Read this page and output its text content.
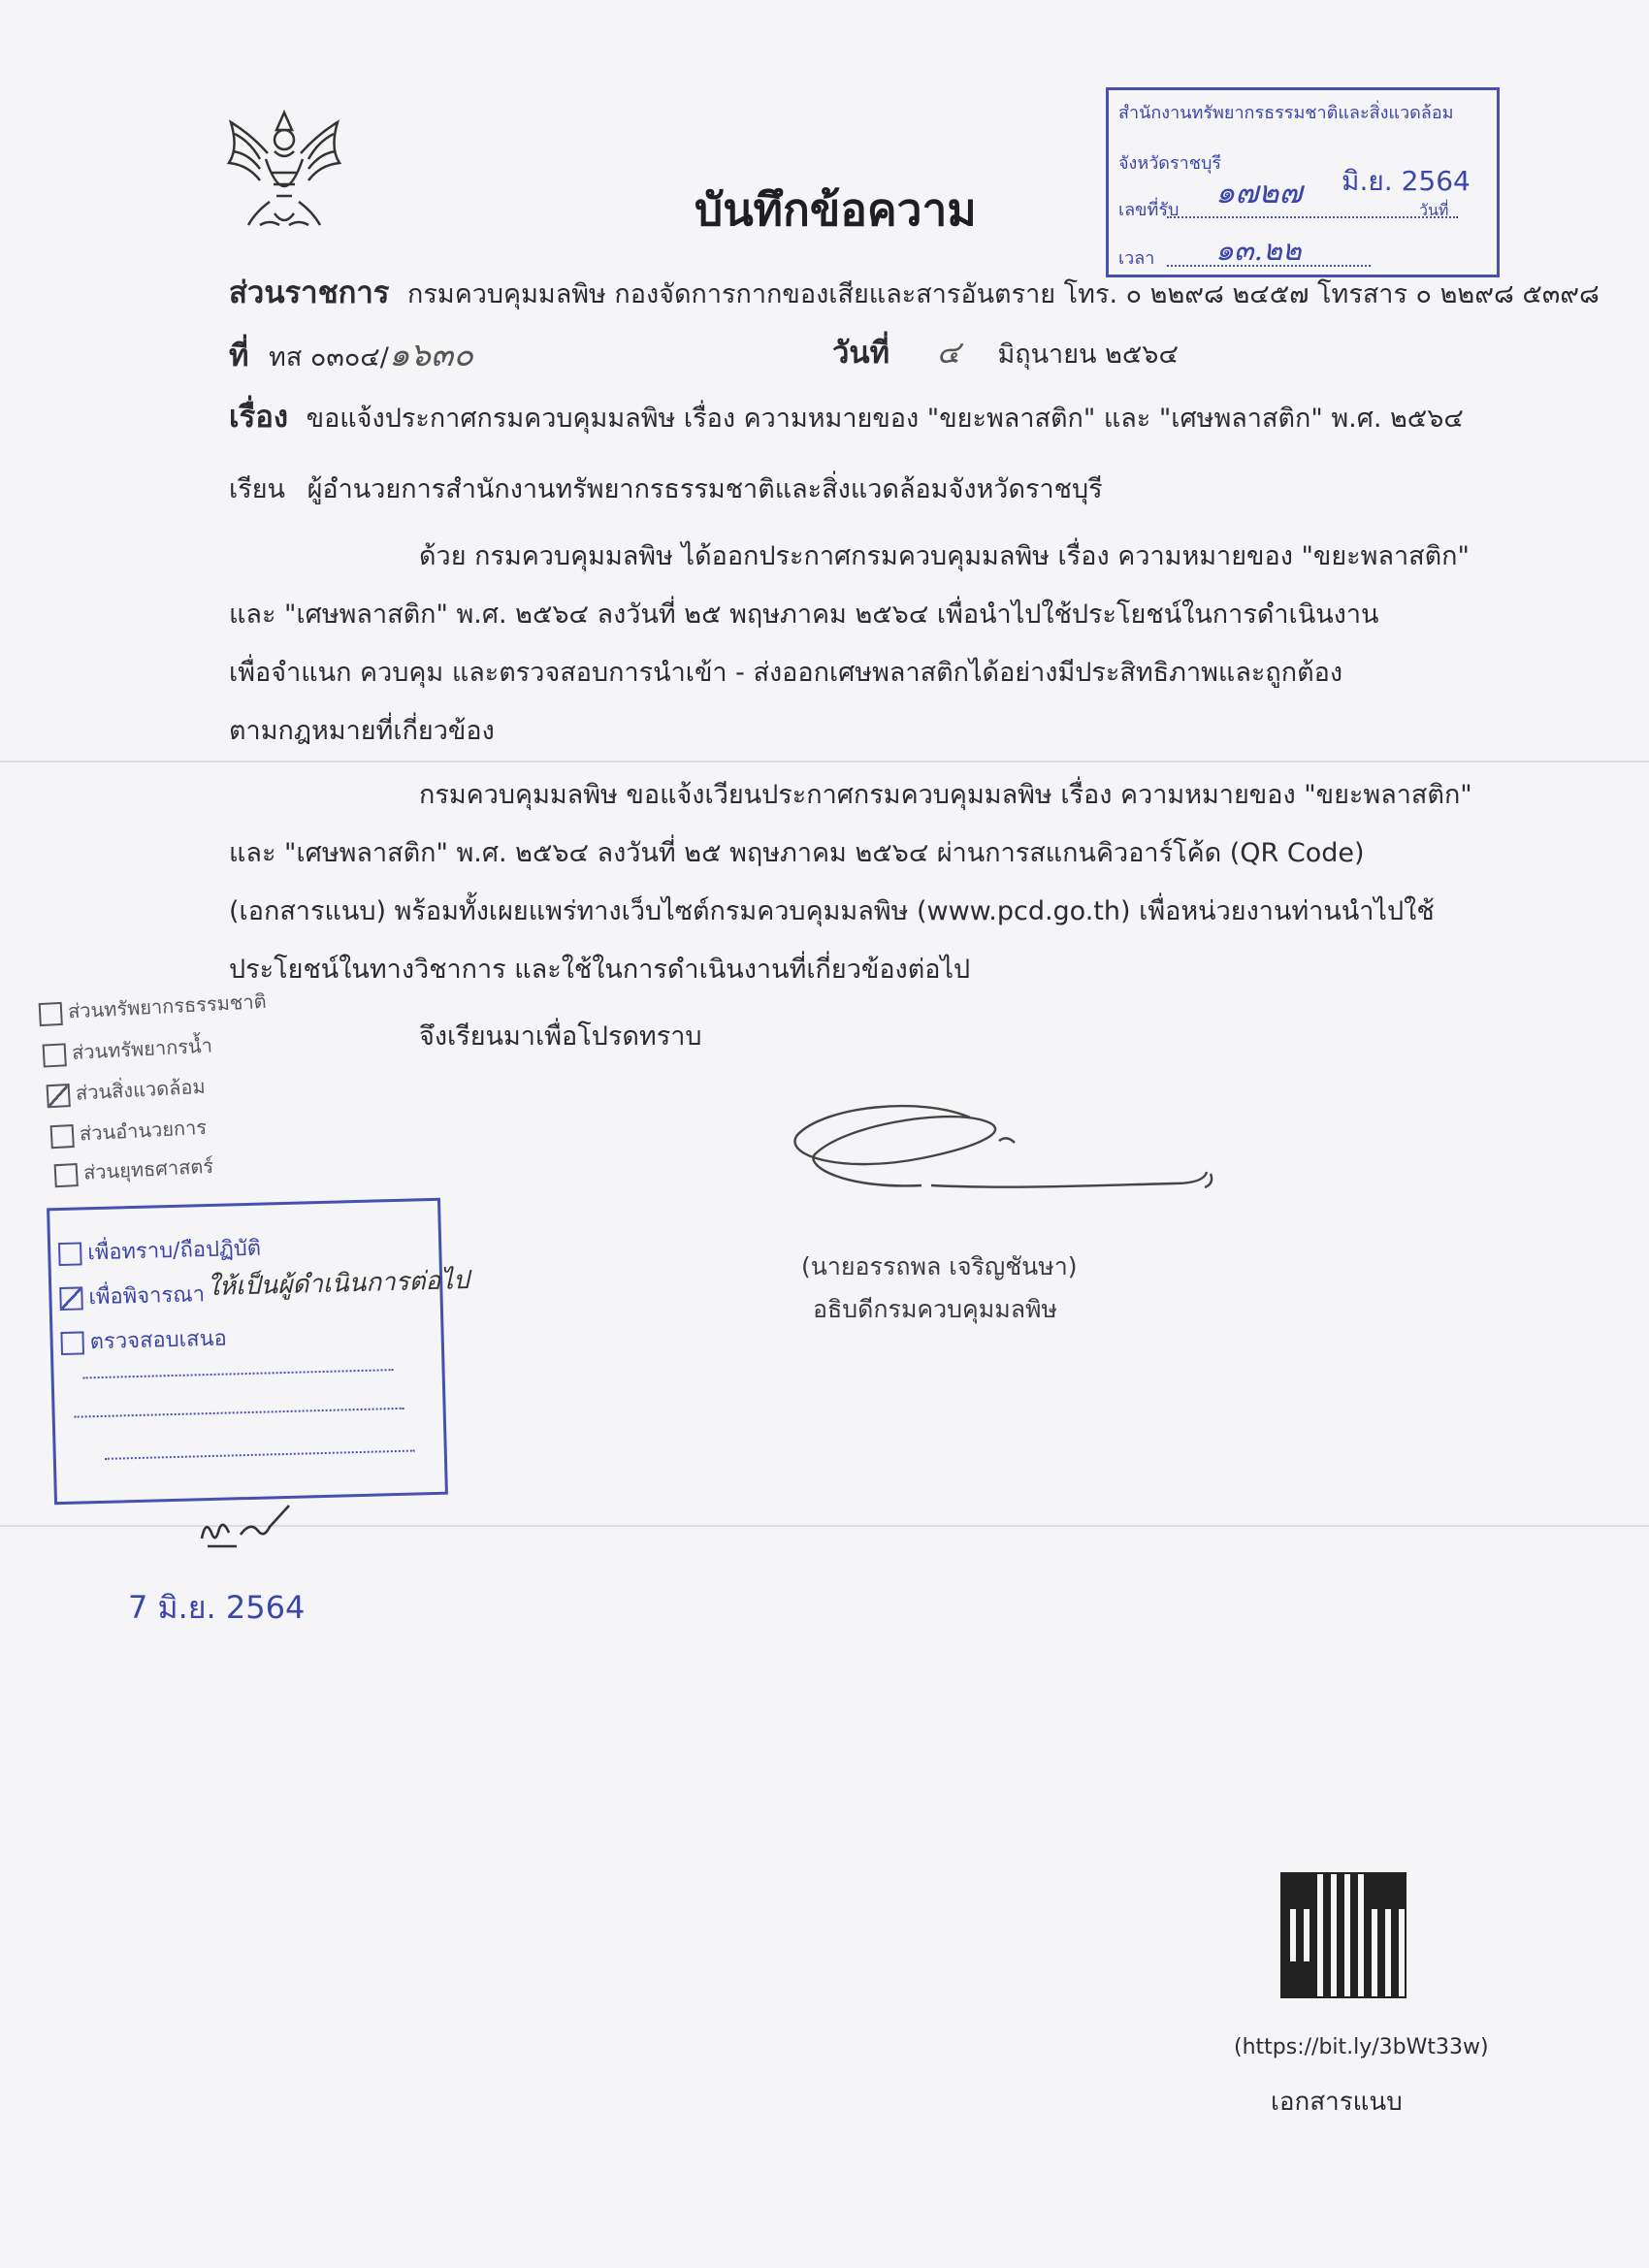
บันทึกข้อความ
ส่วนราชการ กรมควบคุมมลพิษ กองจัดการกากของเสียและสารอันตราย โทร. ๐ ๒๒๙๘ ๒๔๕๗ โทรสาร ๐ ๒๒๙๘ ๕๓๙๘
ที่ ทส ๐๓๐๔/๑๖๓๐	วันที่ ๔ มิถุนายน ๒๕๖๔
เรื่อง ขอแจ้งประกาศกรมควบคุมมลพิษ เรื่อง ความหมายของ "ขยะพลาสติก" และ "เศษพลาสติก" พ.ศ. ๒๕๖๔
เรียน ผู้อำนวยการสำนักงานทรัพยากรธรรมชาติและสิ่งแวดล้อมจังหวัดราชบุรี
ด้วย กรมควบคุมมลพิษ ได้ออกประกาศกรมควบคุมมลพิษ เรื่อง ความหมายของ "ขยะพลาสติก"
และ "เศษพลาสติก" พ.ศ. ๒๕๖๔ ลงวันที่ ๒๕ พฤษภาคม ๒๕๖๔ เพื่อนำไปใช้ประโยชน์ในการดำเนินงาน
เพื่อจำแนก ควบคุม และตรวจสอบการนำเข้า - ส่งออกเศษพลาสติกได้อย่างมีประสิทธิภาพและถูกต้อง
ตามกฎหมายที่เกี่ยวข้อง
กรมควบคุมมลพิษ ขอแจ้งเวียนประกาศกรมควบคุมมลพิษ เรื่อง ความหมายของ "ขยะพลาสติก"
และ "เศษพลาสติก" พ.ศ. ๒๕๖๔ ลงวันที่ ๒๕ พฤษภาคม ๒๕๖๔ ผ่านการสแกนคิวอาร์โค้ด (QR Code)
(เอกสารแนบ) พร้อมทั้งเผยแพร่ทางเว็บไซต์กรมควบคุมมลพิษ (www.pcd.go.th) เพื่อหน่วยงานท่านนำไปใช้
ประโยชน์ในทางวิชาการ และใช้ในการดำเนินงานที่เกี่ยวข้องต่อไป
จึงเรียนมาเพื่อโปรดทราบ
(นายอรรถพล เจริญชันษา)
อธิบดีกรมควบคุมมลพิษ
สำนักงานทรัพยากรธรรมชาติและสิ่งแวดล้อม
จังหวัดราชบุรี
เลขที่รับ ๑๗๒๗ มิ.ย. 2564
วันที่
เวลา ๑๓.๒๒
ส่วนทรัพยากรธรรมชาติ
ส่วนทรัพยากรน้ำ
ส่วนสิ่งแวดล้อม
ส่วนอำนวยการ
ส่วนยุทธศาสตร์
เพื่อทราบ/ถือปฏิบัติ
เพื่อพิจารณา ให้เป็นผู้ดำเนินการต่อไป
ตรวจสอบเสนอ
7 มิ.ย. 2564
(https://bit.ly/3bWt33w)
เอกสารแนบ
